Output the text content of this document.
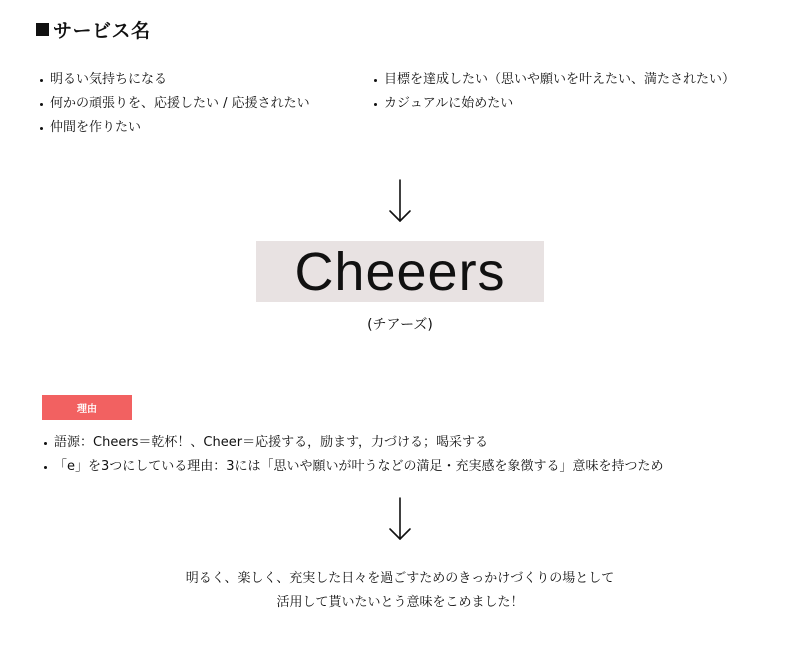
サービス名
明るい気持ちになる
何かの頑張りを、応援したい / 応援されたい
仲間を作りたい
目標を達成したい（思いや願いを叶えたい、満たされたい）
カジュアルに始めたい
Cheeers
(チアーズ)
理由
語源：Cheers＝乾杯！、Cheer＝応援する，励ます，力づける；喝采する
「e」を3つにしている理由：3には「思いや願いが叶うなどの満足・充実感を象徴する」意味を持つため
明るく、楽しく、充実した日々を過ごすためのきっかけづくりの場として
活用して貰いたいとう意味をこめました！
